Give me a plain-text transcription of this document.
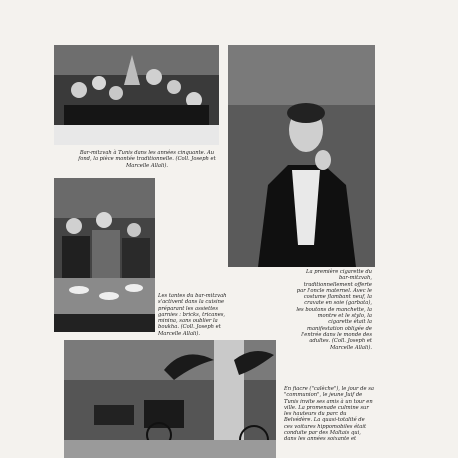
Bar-mitzvah à Tunis dans les années cinquante. Au fond, la pièce montée traditionnelle. (Coll. Joseph et Marcelle Allali).
La première cigarette du bar-mitzvah, traditionnellement offerte par l'oncle maternel. Avec le costume flambant neuf, la cravate en soie (garbata), les boutons de manchette, la montre et le stylo, la cigarette était la manifestation obligée de l'entrée dans le monde des adultes. (Coll. Joseph et Marcelle Allali).
Les tantes du bar-mitzvah s'activent dans la cuisine préparant les assiettes garnies : bricks, tricanes, minina, sans oublier la boukha. (Coll. Joseph et Marcelle Allali).
En fiacre ("calèche"), le jour de sa "communion", le jeune Juif de Tunis invite ses amis à un tour en ville. La promenade culmine sur les hauteurs du parc du Belvédère. La quasi-totalité de ces voitures hippomobiles était conduite par des Maltais qui, dans les années soixante et
